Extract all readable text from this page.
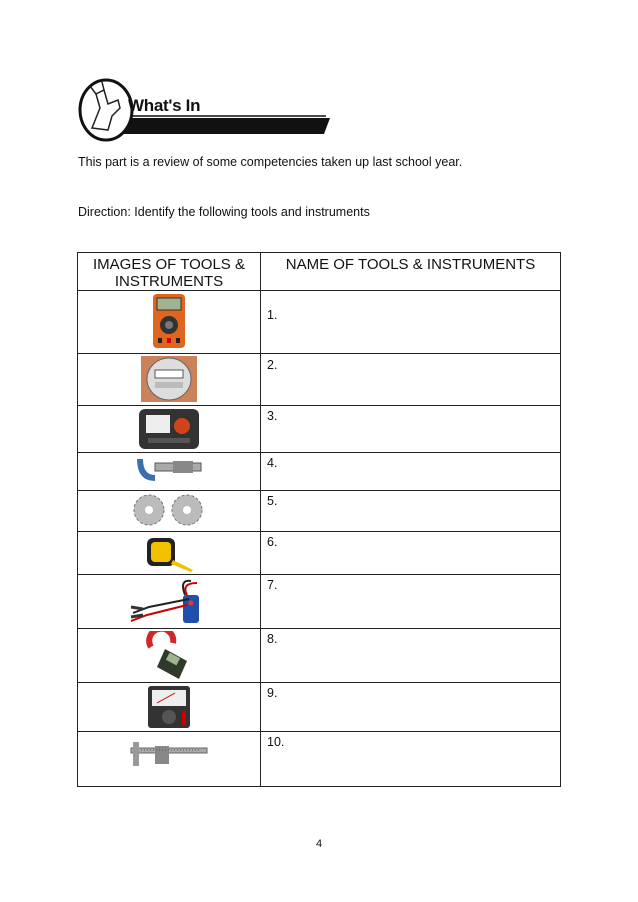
What's In
This part is a review of some competencies taken up last school year.
Direction: Identify the following tools and instruments
IMAGES OF TOOLS & INSTRUMENTS	NAME OF TOOLS & INSTRUMENTS

1.

2.

3.

4.

5.

6.

7.

8.

9.

10.
4
